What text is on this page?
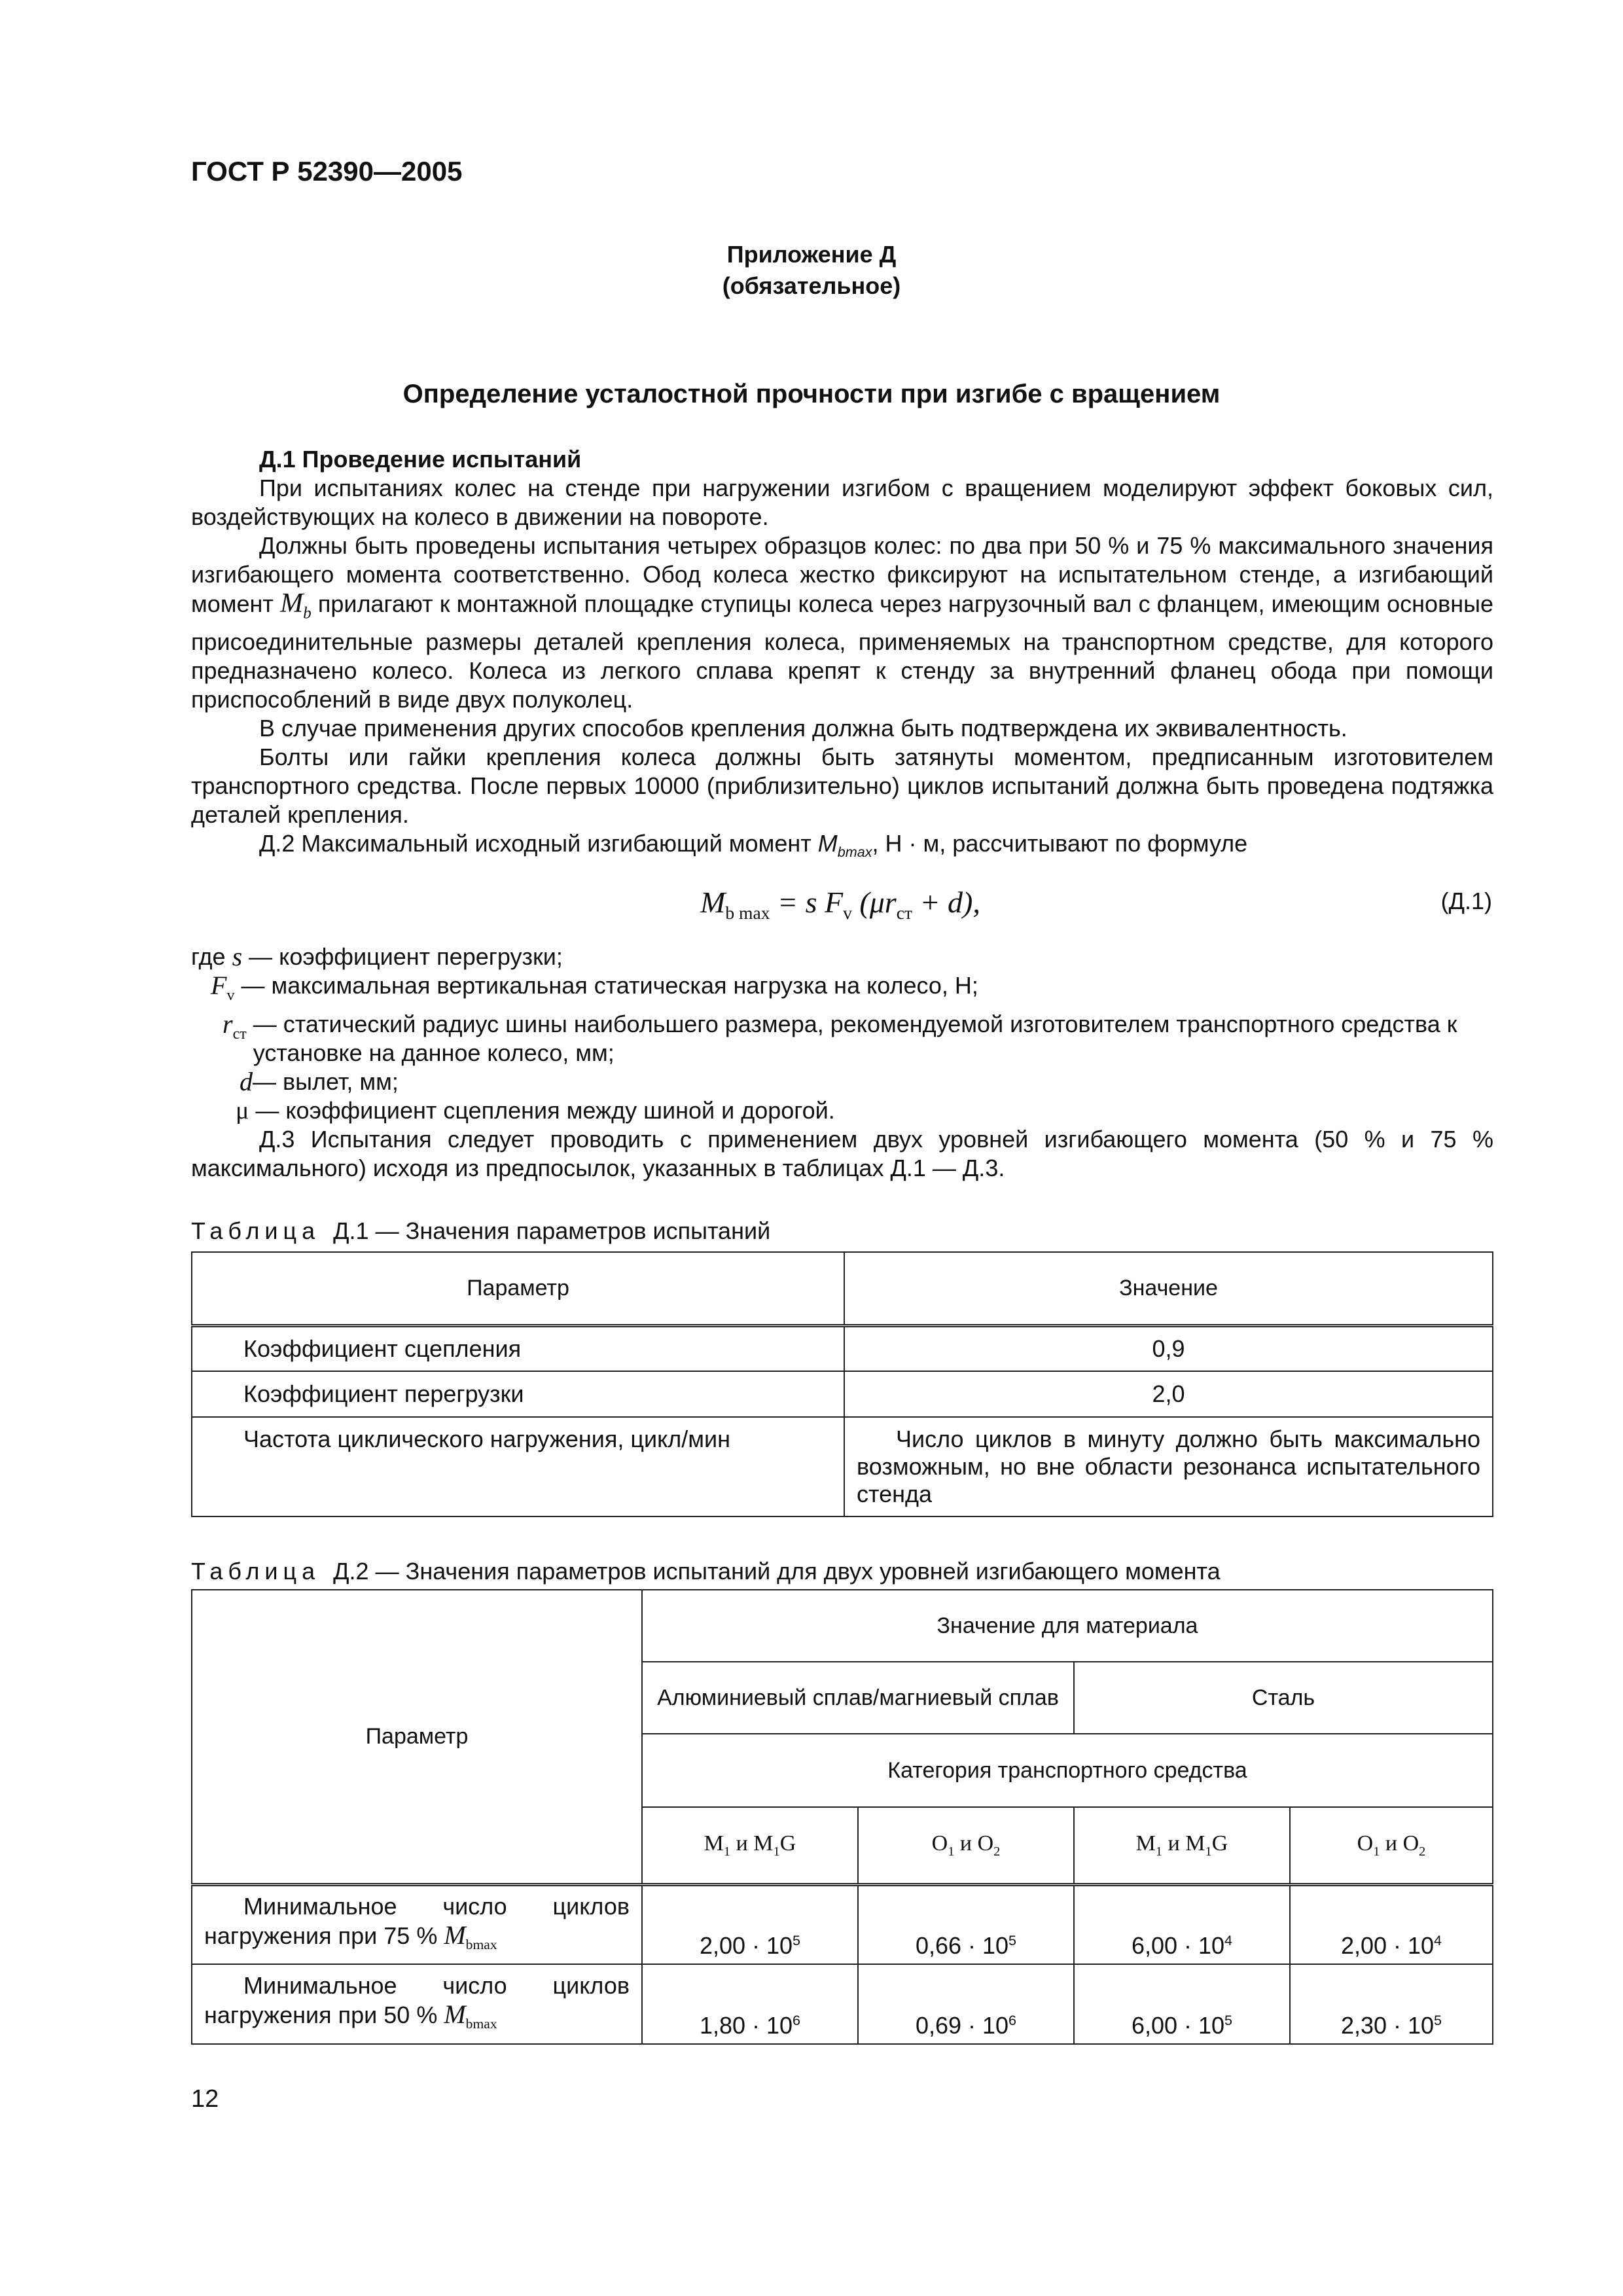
ГОСТ Р 52390—2005
Приложение Д
(обязательное)
Определение усталостной прочности при изгибе с вращением

Д.1 Проведение испытаний

При испытаниях колес на стенде при нагружении изгибом с вращением моделируют эффект боковых сил, воздействующих на колесо в движении на повороте.

Должны быть проведены испытания четырех образцов колес: по два при 50 % и 75 % максимального значения изгибающего момента соответственно. Обод колеса жестко фиксируют на испытательном стенде, а изгибающий момент $M_b$ прилагают к монтажной площадке ступицы колеса через нагрузочный вал с фланцем, имеющим основные присоединительные размеры деталей крепления колеса, применяемых на транспортном средстве, для которого предназначено колесо. Колеса из легкого сплава крепят к стенду за внутренний фланец обода при помощи приспособлений в виде двух полуколец.

В случае применения других способов крепления должна быть подтверждена их эквивалентность.

Болты или гайки крепления колеса должны быть затянуты моментом, предписанным изготовителем транспортного средства. После первых 10000 (приблизительно) циклов испытаний должна быть проведена подтяжка деталей крепления.

Д.2 Максимальный исходный изгибающий момент $M_{bmax}$, Н · м, рассчитывают по формуле

$M_{b max} = s$ $F_v$ $(\mu r_{ст} + d)$,	(Д.1)
где
s
— коэффициент перегрузки;
$F_v$
— максимальная вертикальная статическая нагрузка на колесо, Н;
$r_{ст}$
— статический радиус шины наибольшего размера, рекомендуемой изготовителем транспортного средства к установке на данное колесо, мм;
d — вылет, мм;
μ
— коэффициент сцепления между шиной и дорогой.

Д.3 Испытания следует проводить с применением двух уровней изгибающего момента (50 % и 75 % максимального) исходя из предпосылок, указанных в таблицах Д.1 — Д.3.

Таблица Д.1 — Значения параметров испытаний
Параметр	Значение
Коэффициент сцепления	0,9
Коэффициент перегрузки	2,0
Частота циклического нагружения, цикл/мин	Число циклов в минуту должно быть максимально возможным, но вне области резонанса испытательного стенда
Таблица Д.2 — Значения параметров испытаний для двух уровней изгибающего момента
Параметр	Значение для материала			
	Алюминиевый сплав/магниевый сплав		Сталь	
	Категория транспортного средства			
	$M_1$ и $M_1G$	$O_1$ и $O_2$	$M_1$ и $M_1G$	$O_1$ и $O_2$
Минимальное число циклов нагружения при 75 % $M_{bmax}$	$2,00 \cdot 10^5$	$0,66 \cdot 10^5$	$6,00 \cdot 10^4$	$2,00 \cdot 10^4$
Минимальное число циклов нагружения при 50 % $M_{bmax}$	$1,80 \cdot 10^6$	$0,69 \cdot 10^6$	$6,00 \cdot 10^5$	$2,30 \cdot 10^5$
12
